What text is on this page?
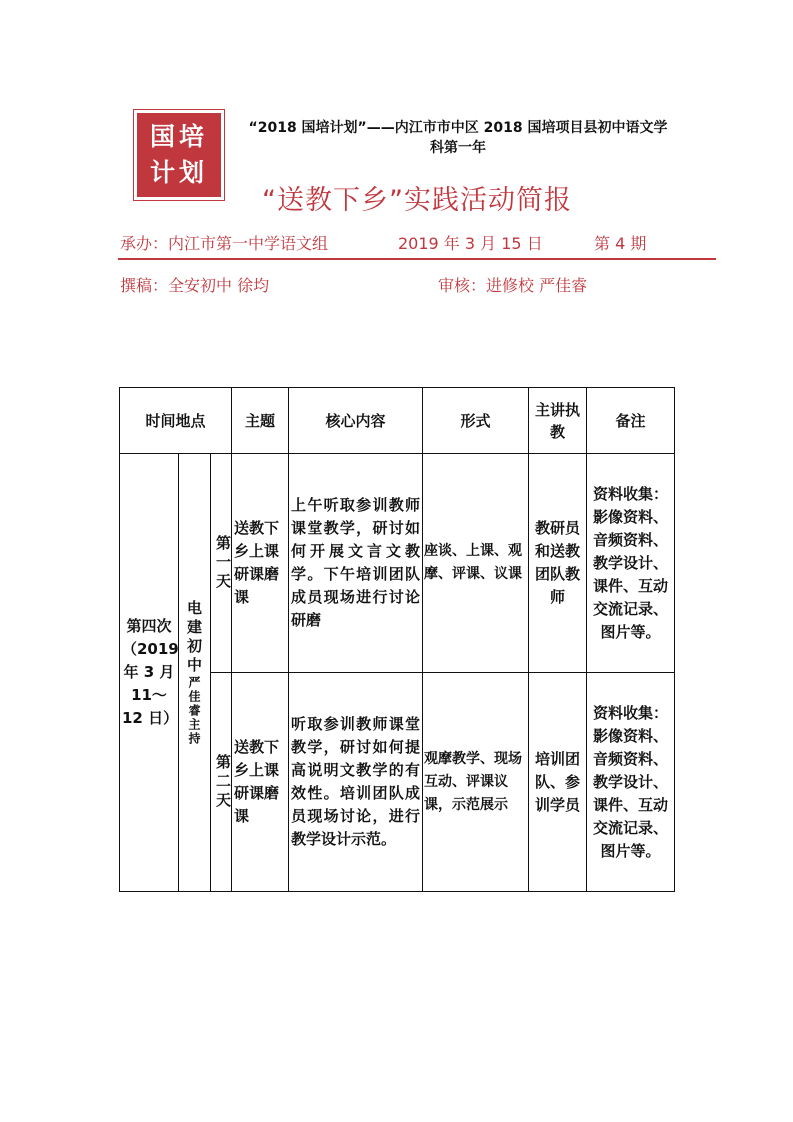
国培
计划
“2018 国培计划”——内江市市中区 2018 国培项目县初中语文学
科第一年
“送教下乡”实践活动简报
承办：内江市第一中学语文组	2019 年 3 月 15 日	第 4 期
撰稿：全安初中 徐均	审核：进修校 严佳睿
时间地点			主题	核心内容	形式	主讲执教	备注
第四次（2019 年 3 月 11～12 日）	电建初中严佳睿主持	第一天	送教下乡上课研课磨课	上午听取参训教师课堂教学，研讨如何开展文言文教学。下午培训团队成员现场进行讨论研磨	座谈、上课、观摩、评课、议课	教研员和送教团队教师	资料收集：影像资料、音频资料、教学设计、课件、互动交流记录、图片等。

		第二天	送教下乡上课研课磨课	听取参训教师课堂教学，研讨如何提高说明文教学的有效性。培训团队成员现场讨论，进行教学设计示范。	观摩教学、现场互动、评课议课，示范展示	培训团队、参训学员	资料收集：影像资料、音频资料、教学设计、课件、互动交流记录、图片等。
